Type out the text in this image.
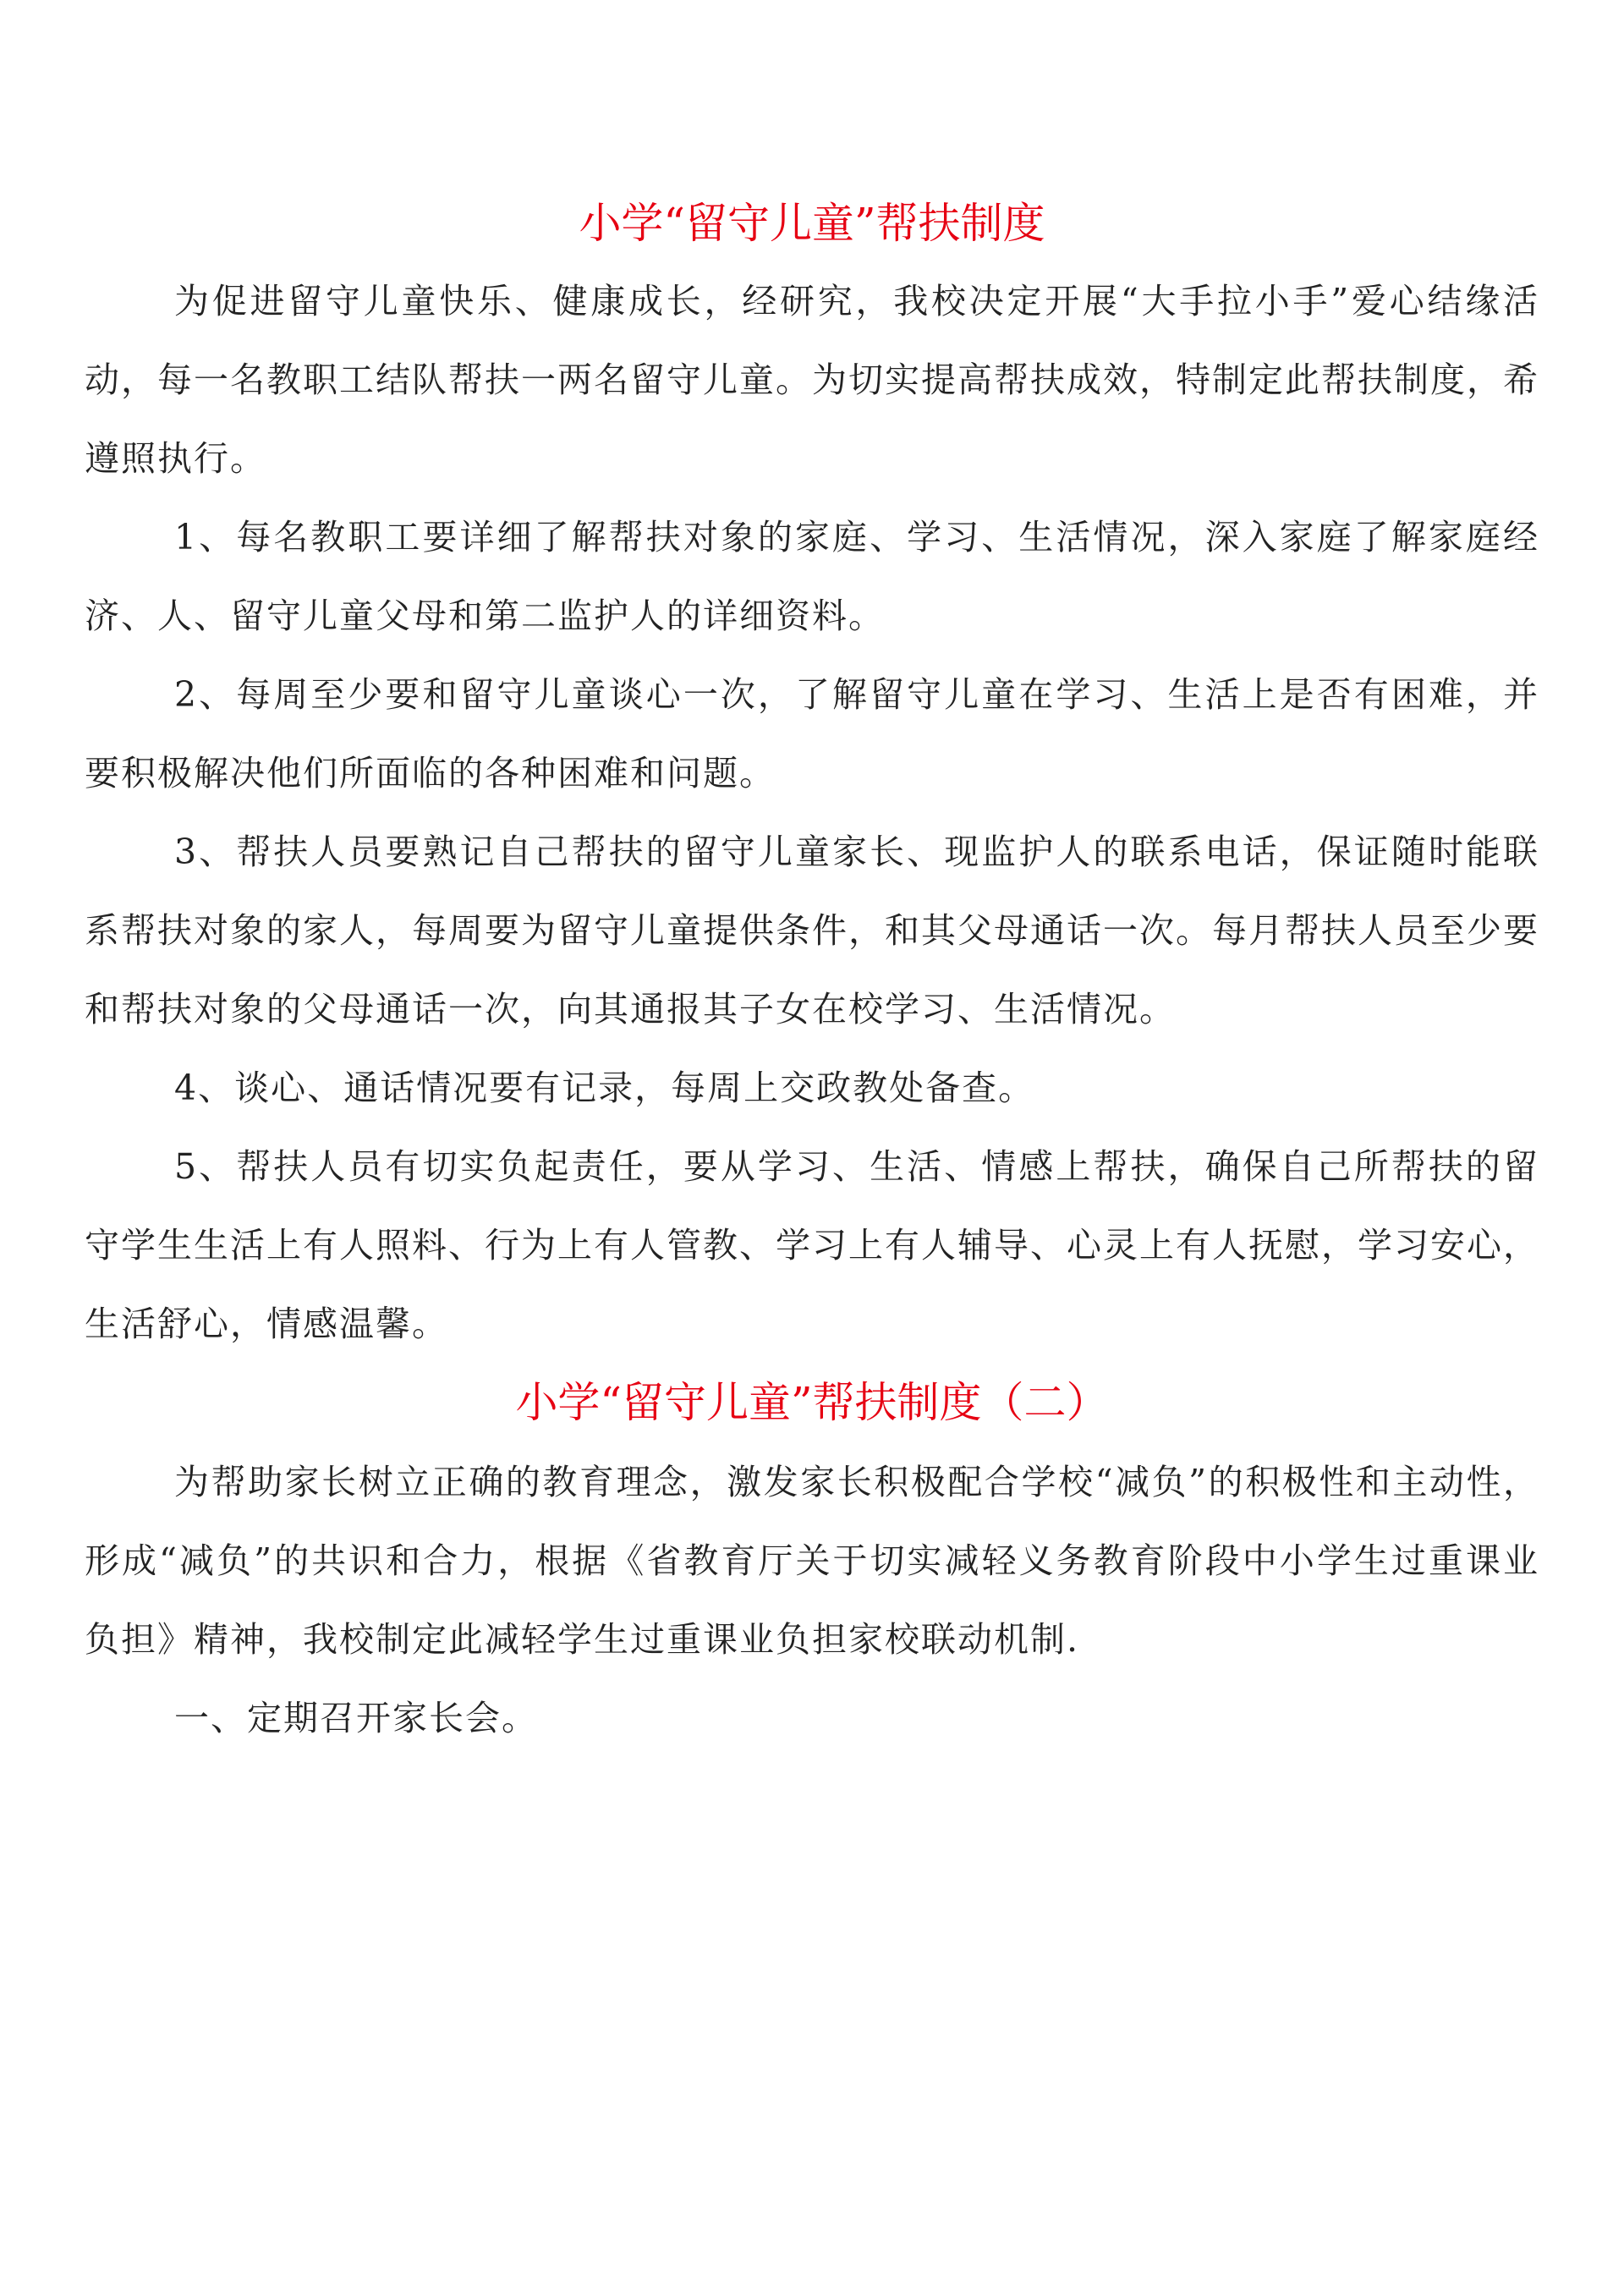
小学“留守儿童”帮扶制度

为促进留守儿童快乐、健康成长，经研究，我校决定开展“大手拉小手”爱心结缘活动，每一名教职工结队帮扶一两名留守儿童。为切实提高帮扶成效，特制定此帮扶制度，希遵照执行。

1、每名教职工要详细了解帮扶对象的家庭、学习、生活情况，深入家庭了解家庭经济、人、留守儿童父母和第二监护人的详细资料。

2、每周至少要和留守儿童谈心一次，了解留守儿童在学习、生活上是否有困难，并要积极解决他们所面临的各种困难和问题。

3、帮扶人员要熟记自己帮扶的留守儿童家长、现监护人的联系电话，保证随时能联系帮扶对象的家人，每周要为留守儿童提供条件，和其父母通话一次。每月帮扶人员至少要和帮扶对象的父母通话一次，向其通报其子女在校学习、生活情况。

4、谈心、通话情况要有记录，每周上交政教处备查。

5、帮扶人员有切实负起责任，要从学习、生活、情感上帮扶，确保自己所帮扶的留守学生生活上有人照料、行为上有人管教、学习上有人辅导、心灵上有人抚慰，学习安心，生活舒心，情感温馨。

小学“留守儿童”帮扶制度（二）

为帮助家长树立正确的教育理念，激发家长积极配合学校“减负”的积极性和主动性，形成“减负”的共识和合力，根据《省教育厅关于切实减轻义务教育阶段中小学生过重课业负担》精神，我校制定此减轻学生过重课业负担家校联动机制.

一、定期召开家长会。
